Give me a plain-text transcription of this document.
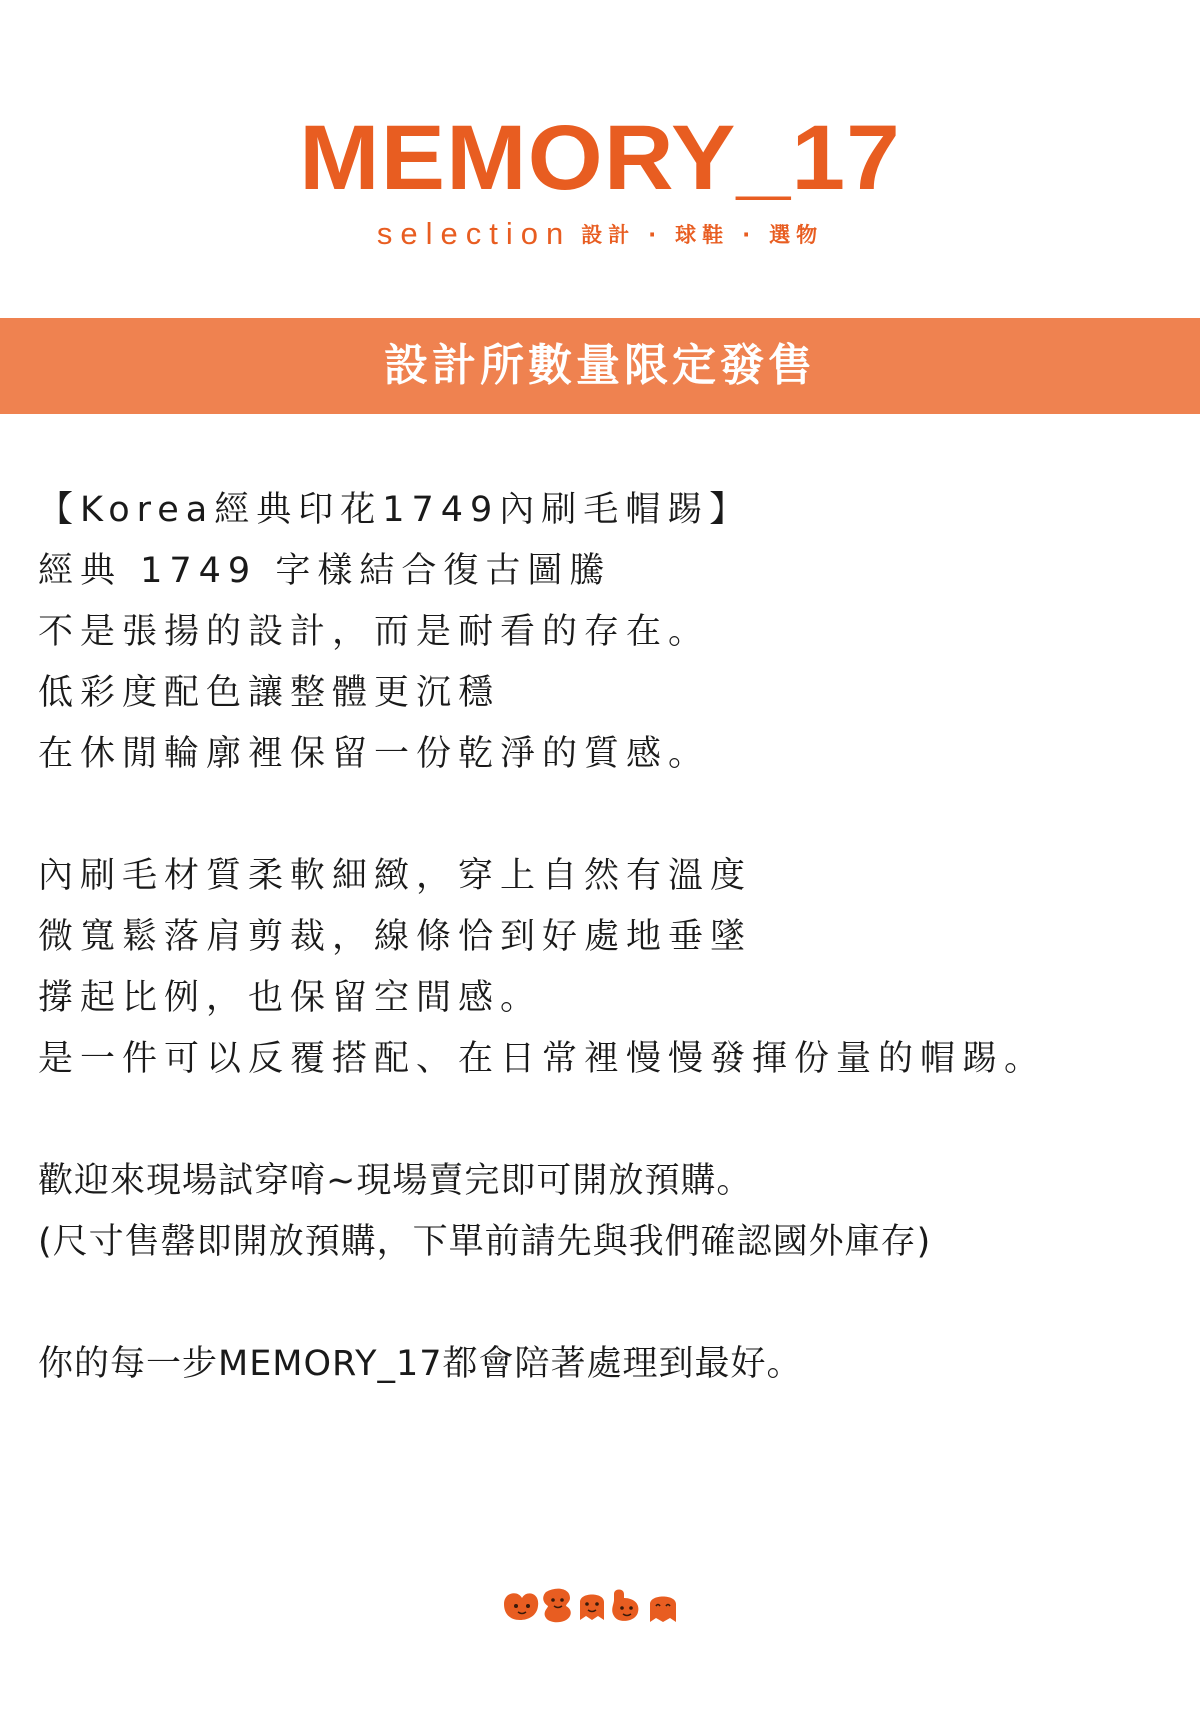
MEMORY_17
selection 設計 ‧ 球鞋 ‧ 選物
設計所數量限定發售
【Korea經典印花1749內刷毛帽踢】
經典 1749 字樣結合復古圖騰
不是張揚的設計，而是耐看的存在。
低彩度配色讓整體更沉穩
在休閒輪廓裡保留一份乾淨的質感。
內刷毛材質柔軟細緻，穿上自然有溫度
微寬鬆落肩剪裁，線條恰到好處地垂墜
撐起比例，也保留空間感。
是一件可以反覆搭配、在日常裡慢慢發揮份量的帽踢。
歡迎來現場試穿唷~現場賣完即可開放預購。
(尺寸售罄即開放預購，下單前請先與我們確認國外庫存)
你的每一步MEMORY_17都會陪著處理到最好。
